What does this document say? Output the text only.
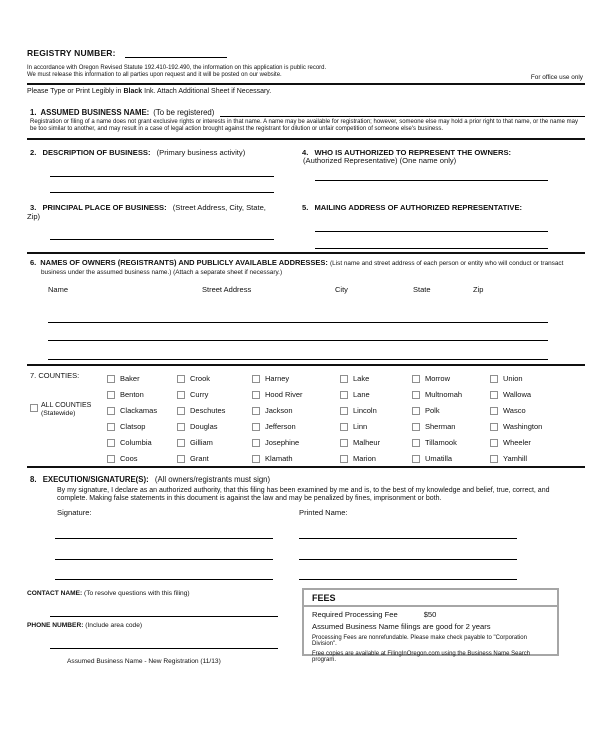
REGISTRY NUMBER:

In accordance with Oregon Revised Statute 192.410-192.490, the information on this application is public record.

We must release this information to all parties upon request and it will be posted on our website.	For office use only
Please Type or Print Legibly in Black Ink. Attach Additional Sheet if Necessary.
1. ASSUMED BUSINESS NAME: (To be registered)
Registration or filing of a name does not grant exclusive rights or interests in that name. A name may be available for registration; however, someone else may hold a prior right to that name, or the name may be too similar to another, and may result in a case of legal action brought against the registrant for dilution or unfair competition of someone else's business.
2. DESCRIPTION OF BUSINESS: (Primary business activity)	4. WHO IS AUTHORIZED TO REPRESENT THE OWNERS:
(Authorized Representative) (One name only)
3. PRINCIPAL PLACE OF BUSINESS: (Street Address, City, State, Zip)
5. MAILING ADDRESS OF AUTHORIZED REPRESENTATIVE:
6. NAMES OF OWNERS (REGISTRANTS) AND PUBLICLY AVAILABLE ADDRESSES: (List name and street address of each person or entity who will conduct or transact business under the assumed business name.) (Attach a separate sheet if necessary.)
Name	Street Address	City	State	Zip
7. COUNTIES:
ALL COUNTIES
(Statewide)
Baker	Crook	Harney	Lake	Morrow	Union
Benton	Curry	Hood River	Lane	Multnomah	Wallowa
Clackamas	Deschutes	Jackson	Lincoln	Polk	Wasco
Clatsop	Douglas	Jefferson	Linn	Sherman	Washington
Columbia	Gilliam	Josephine	Malheur	Tillamook	Wheeler
Coos	Grant	Klamath	Marion	Umatilla	Yamhill
8. EXECUTION/SIGNATURE(S): (All owners/registrants must sign)
By my signature, I declare as an authorized authority, that this filing has been examined by me and is, to the best of my knowledge and belief, true, correct, and complete. Making false statements in this document is against the law and may be penalized by fines, imprisonment or both.
Signature:	Printed Name:
CONTACT NAME: (To resolve questions with this filing)
PHONE NUMBER: (Include area code)
Assumed Business Name - New Registration (11/13)
FEES
Required Processing Fee	$50
Assumed Business Name filings are good for 2 years
Processing Fees are nonrefundable. Please make check payable to "Corporation Division".
Free copies are available at FilingInOregon.com using the Business Name Search program.
